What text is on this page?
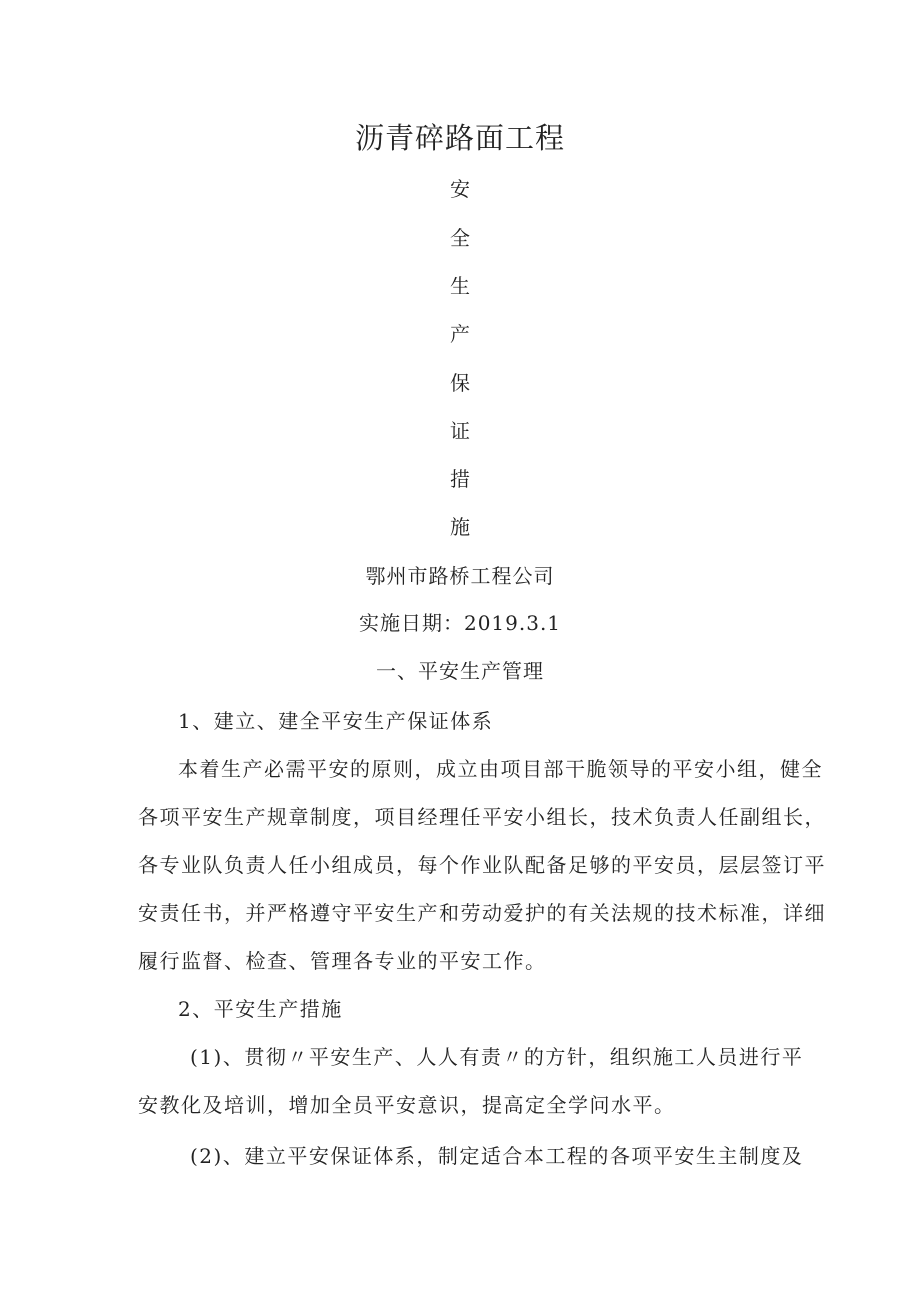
沥青碎路面工程
安
全
生
产
保
证
措
施
鄂州市路桥工程公司
实施日期：2019.3.1
一、平安生产管理
1、建立、建全平安生产保证体系
本着生产必需平安的原则，成立由项目部干脆领导的平安小组，健全
各项平安生产规章制度，项目经理任平安小组长，技术负责人任副组长，
各专业队负责人任小组成员，每个作业队配备足够的平安员，层层签订平
安责任书，并严格遵守平安生产和劳动爱护的有关法规的技术标准，详细
履行监督、检查、管理各专业的平安工作。
2、平安生产措施
(1)、贯彻〃平安生产、人人有责〃的方针，组织施工人员进行平
安教化及培训，增加全员平安意识，提高定全学问水平。
(2)、建立平安保证体系，制定适合本工程的各项平安生主制度及
